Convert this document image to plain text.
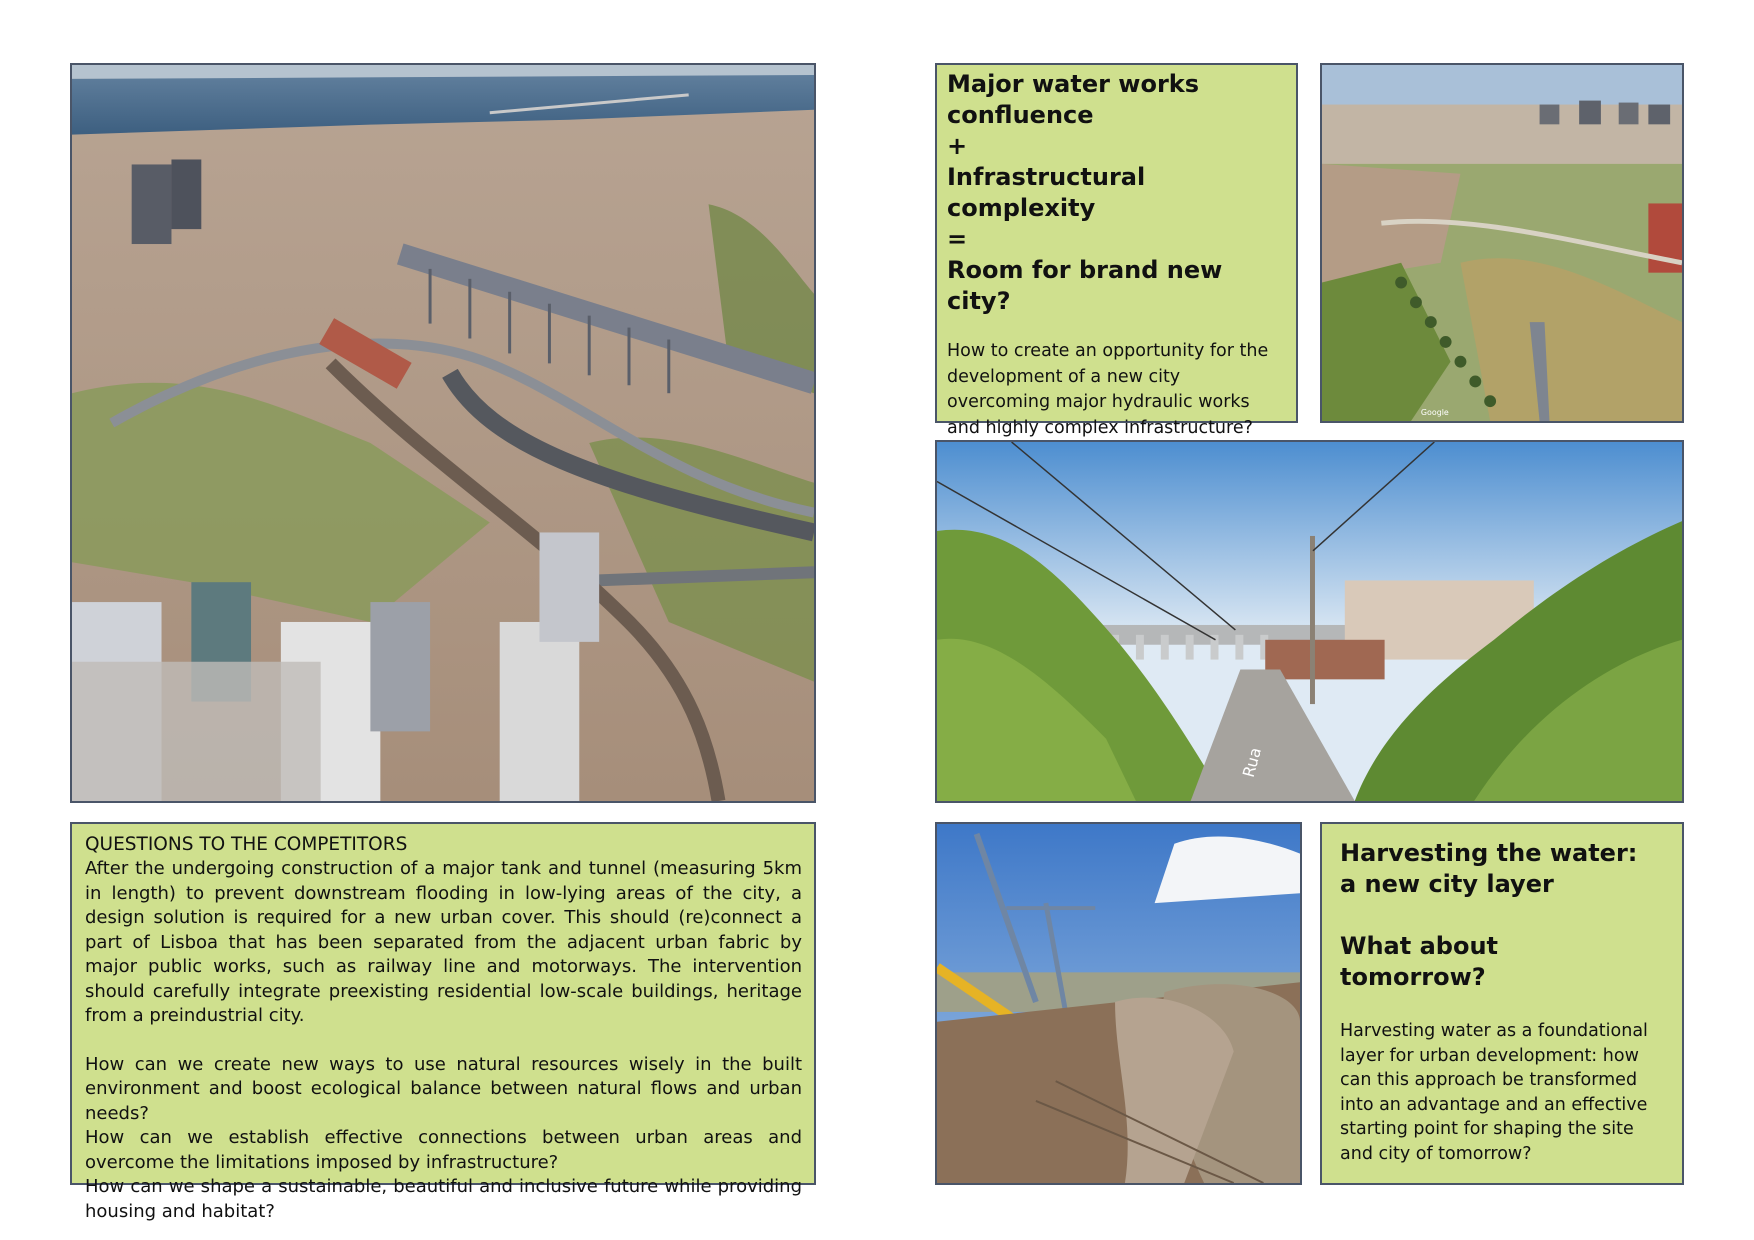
Major water works

confluence

+

Infrastructural complexity

=

Room for brand new city?

How to create an opportunity for the development of a new city overcoming major hydraulic works and highly complex infrastructure?

Google
Rua

QUESTIONS TO THE COMPETITORS

After the undergoing construction of a major tank and tunnel (measuring 5km in length) to prevent downstream flooding in low-lying areas of the city, a design solution is required for a new urban cover. This should (re)connect a part of Lisboa that has been separated from the adjacent urban fabric by major public works, such as railway line and motorways. The intervention should carefully integrate preexisting residential low-scale buildings, heritage from a preindustrial city.

How can we create new ways to use natural resources wisely in the built environment and boost ecological balance between natural flows and urban needs?

How can we establish effective connections between urban areas and overcome the limitations imposed by infrastructure?

How can we shape a sustainable, beautiful and inclusive future while providing housing and habitat?

Harvesting the water:

a new city layer

What about

tomorrow?

Harvesting water as a foundational layer for urban development: how can this approach be transformed into an advantage and an effective starting point for shaping the site and city of tomorrow?
